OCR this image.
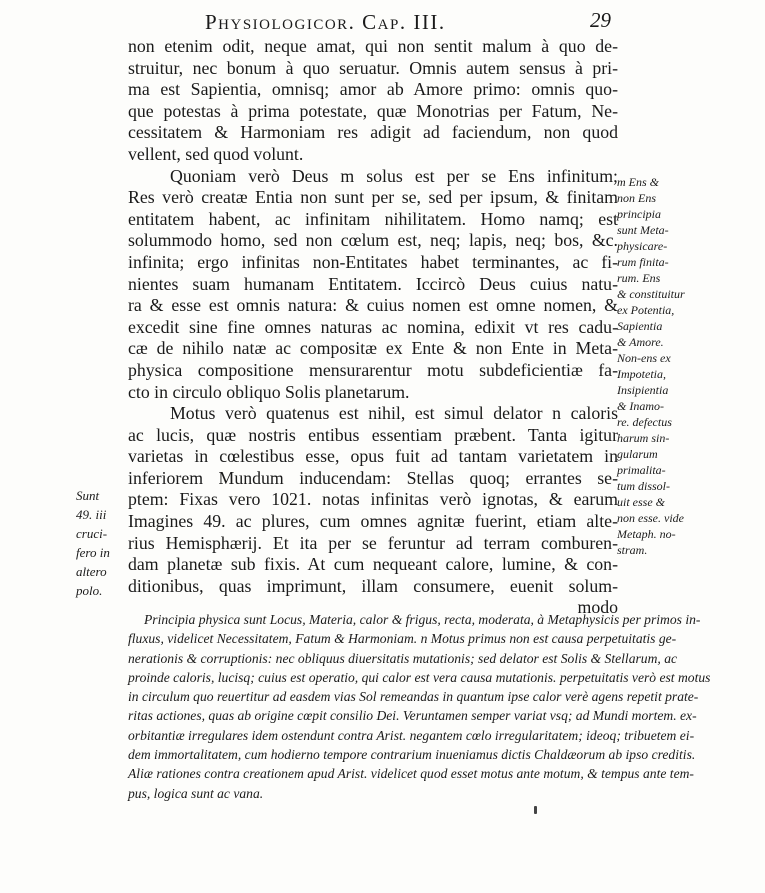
Physiologicor. Cap. III.	29
non etenim odit, neque amat, qui non sentit malum à quo de-
struitur, nec bonum à quo seruatur. Omnis autem sensus à pri-
ma est Sapientia, omnisq; amor ab Amore primo: omnis quo-
que potestas à prima potestate, quæ Monotrias per Fatum, Ne-
cessitatem & Harmoniam res adigit ad faciendum, non quod
vellent, sed quod volunt.
Quoniam verò Deus m solus est per se Ens infinitum;
Res verò creatæ Entia non sunt per se, sed per ipsum, & finitam
entitatem habent, ac infinitam nihilitatem. Homo namq; est
solummodo homo, sed non cœlum est, neq; lapis, neq; bos, &c.
infinita; ergo infinitas non-Entitates habet terminantes, ac fi-
nientes suam humanam Entitatem. Iccircò Deus cuius natu-
ra & esse est omnis natura: & cuius nomen est omne nomen, &
excedit sine fine omnes naturas ac nomina, edixit vt res cadu-
cæ de nihilo natæ ac compositæ ex Ente & non Ente in Meta-
physica compositione mensurarentur motu subdeficientiæ fa-
cto in circulo obliquo Solis planetarum.
Motus verò quatenus est nihil, est simul delator n caloris
ac lucis, quæ nostris entibus essentiam præbent. Tanta igitur
varietas in cœlestibus esse, opus fuit ad tantam varietatem in
inferiorem Mundum inducendam: Stellas quoq; errantes se-
ptem: Fixas vero 1021. notas infinitas verò ignotas, & earum
Imagines 49. ac plures, cum omnes agnitæ fuerint, etiam alte-
rius Hemisphærij. Et ita per se feruntur ad terram comburen-
dam planetæ sub fixis. At cum nequeant calore, lumine, & con-
ditionibus, quas imprimunt, illam consumere, euenit solum-
modo
m Ens &
non Ens
principia
sunt Meta-
physicare-
rum finita-
rum. Ens
& constituitur
ex Potentia,
Sapientia
& Amore.
Non-ens ex
Impotetia,
Insipientia
& Inamo-
re. defectus
harum sin-
gularum
primalita-
tum dissol-
uit esse &
non esse. vide
Metaph. no-
stram.
Sunt
49. iii
cruci-
fero in
altero
polo.
Principia physica sunt Locus, Materia, calor & frigus, recta, moderata, à Metaphysicis per primos in-
fluxus, videlicet Necessitatem, Fatum & Harmoniam. n Motus primus non est causa perpetuitatis ge-
nerationis & corruptionis: nec obliquus diuersitatis mutationis; sed delator est Solis & Stellarum, ac
proinde caloris, lucisq; cuius est operatio, qui calor est vera causa mutationis. perpetuitatis verò est motus
in circulum quo reuertitur ad easdem vias Sol remeandas in quantum ipse calor verè agens repetit prate-
ritas actiones, quas ab origine cœpit consilio Dei. Veruntamen semper variat vsq; ad Mundi mortem. ex-
orbitantiæ irregulares idem ostendunt contra Arist. negantem cœlo irregularitatem; ideoq; tribuetem ei-
dem immortalitatem, cum hodierno tempore contrarium inueniamus dictis Chaldæorum ab ipso creditis.
Aliæ rationes contra creationem apud Arist. videlicet quod esset motus ante motum, & tempus ante tem-
pus, logica sunt ac vana.
